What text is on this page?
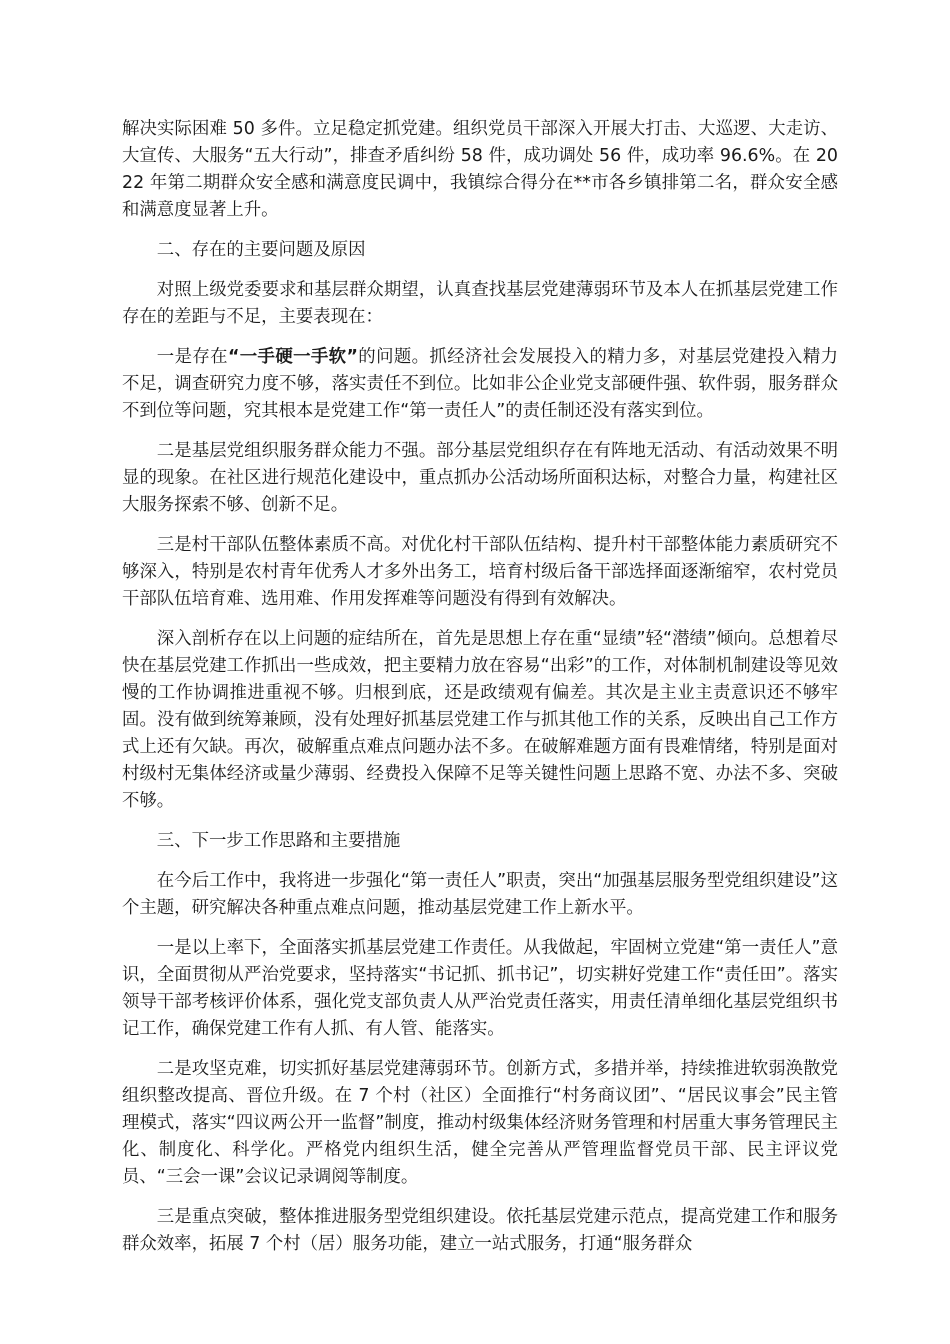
解决实际困难 50 多件。立足稳定抓党建。组织党员干部深入开展大打击、大巡逻、大走访、大宣传、大服务“五大行动”，排查矛盾纠纷 58 件，成功调处 56 件，成功率 96.6%。在 2022 年第二期群众安全感和满意度民调中，我镇综合得分在**市各乡镇排第二名，群众安全感和满意度显著上升。

二、存在的主要问题及原因

对照上级党委要求和基层群众期望，认真查找基层党建薄弱环节及本人在抓基层党建工作存在的差距与不足，主要表现在：

一是存在“一手硬一手软”的问题。抓经济社会发展投入的精力多，对基层党建投入精力不足，调查研究力度不够，落实责任不到位。比如非公企业党支部硬件强、软件弱，服务群众不到位等问题，究其根本是党建工作“第一责任人”的责任制还没有落实到位。

二是基层党组织服务群众能力不强。部分基层党组织存在有阵地无活动、有活动效果不明显的现象。在社区进行规范化建设中，重点抓办公活动场所面积达标，对整合力量，构建社区大服务探索不够、创新不足。

三是村干部队伍整体素质不高。对优化村干部队伍结构、提升村干部整体能力素质研究不够深入，特别是农村青年优秀人才多外出务工，培育村级后备干部选择面逐渐缩窄，农村党员干部队伍培育难、选用难、作用发挥难等问题没有得到有效解决。

深入剖析存在以上问题的症结所在，首先是思想上存在重“显绩”轻“潜绩”倾向。总想着尽快在基层党建工作抓出一些成效，把主要精力放在容易“出彩”的工作，对体制机制建设等见效慢的工作协调推进重视不够。归根到底，还是政绩观有偏差。其次是主业主责意识还不够牢固。没有做到统筹兼顾，没有处理好抓基层党建工作与抓其他工作的关系，反映出自己工作方式上还有欠缺。再次，破解重点难点问题办法不多。在破解难题方面有畏难情绪，特别是面对村级村无集体经济或量少薄弱、经费投入保障不足等关键性问题上思路不宽、办法不多、突破不够。

三、下一步工作思路和主要措施

在今后工作中，我将进一步强化“第一责任人”职责，突出“加强基层服务型党组织建设”这个主题，研究解决各种重点难点问题，推动基层党建工作上新水平。

一是以上率下，全面落实抓基层党建工作责任。从我做起，牢固树立党建“第一责任人”意识，全面贯彻从严治党要求，坚持落实“书记抓、抓书记”，切实耕好党建工作“责任田”。落实领导干部考核评价体系，强化党支部负责人从严治党责任落实，用责任清单细化基层党组织书记工作，确保党建工作有人抓、有人管、能落实。

二是攻坚克难，切实抓好基层党建薄弱环节。创新方式，多措并举，持续推进软弱涣散党组织整改提高、晋位升级。在 7 个村（社区）全面推行“村务商议团”、“居民议事会”民主管理模式，落实“四议两公开一监督”制度，推动村级集体经济财务管理和村居重大事务管理民主化、制度化、科学化。严格党内组织生活，健全完善从严管理监督党员干部、民主评议党员、“三会一课”会议记录调阅等制度。

三是重点突破，整体推进服务型党组织建设。依托基层党建示范点，提高党建工作和服务群众效率，拓展 7 个村（居）服务功能，建立一站式服务，打通“服务群众
